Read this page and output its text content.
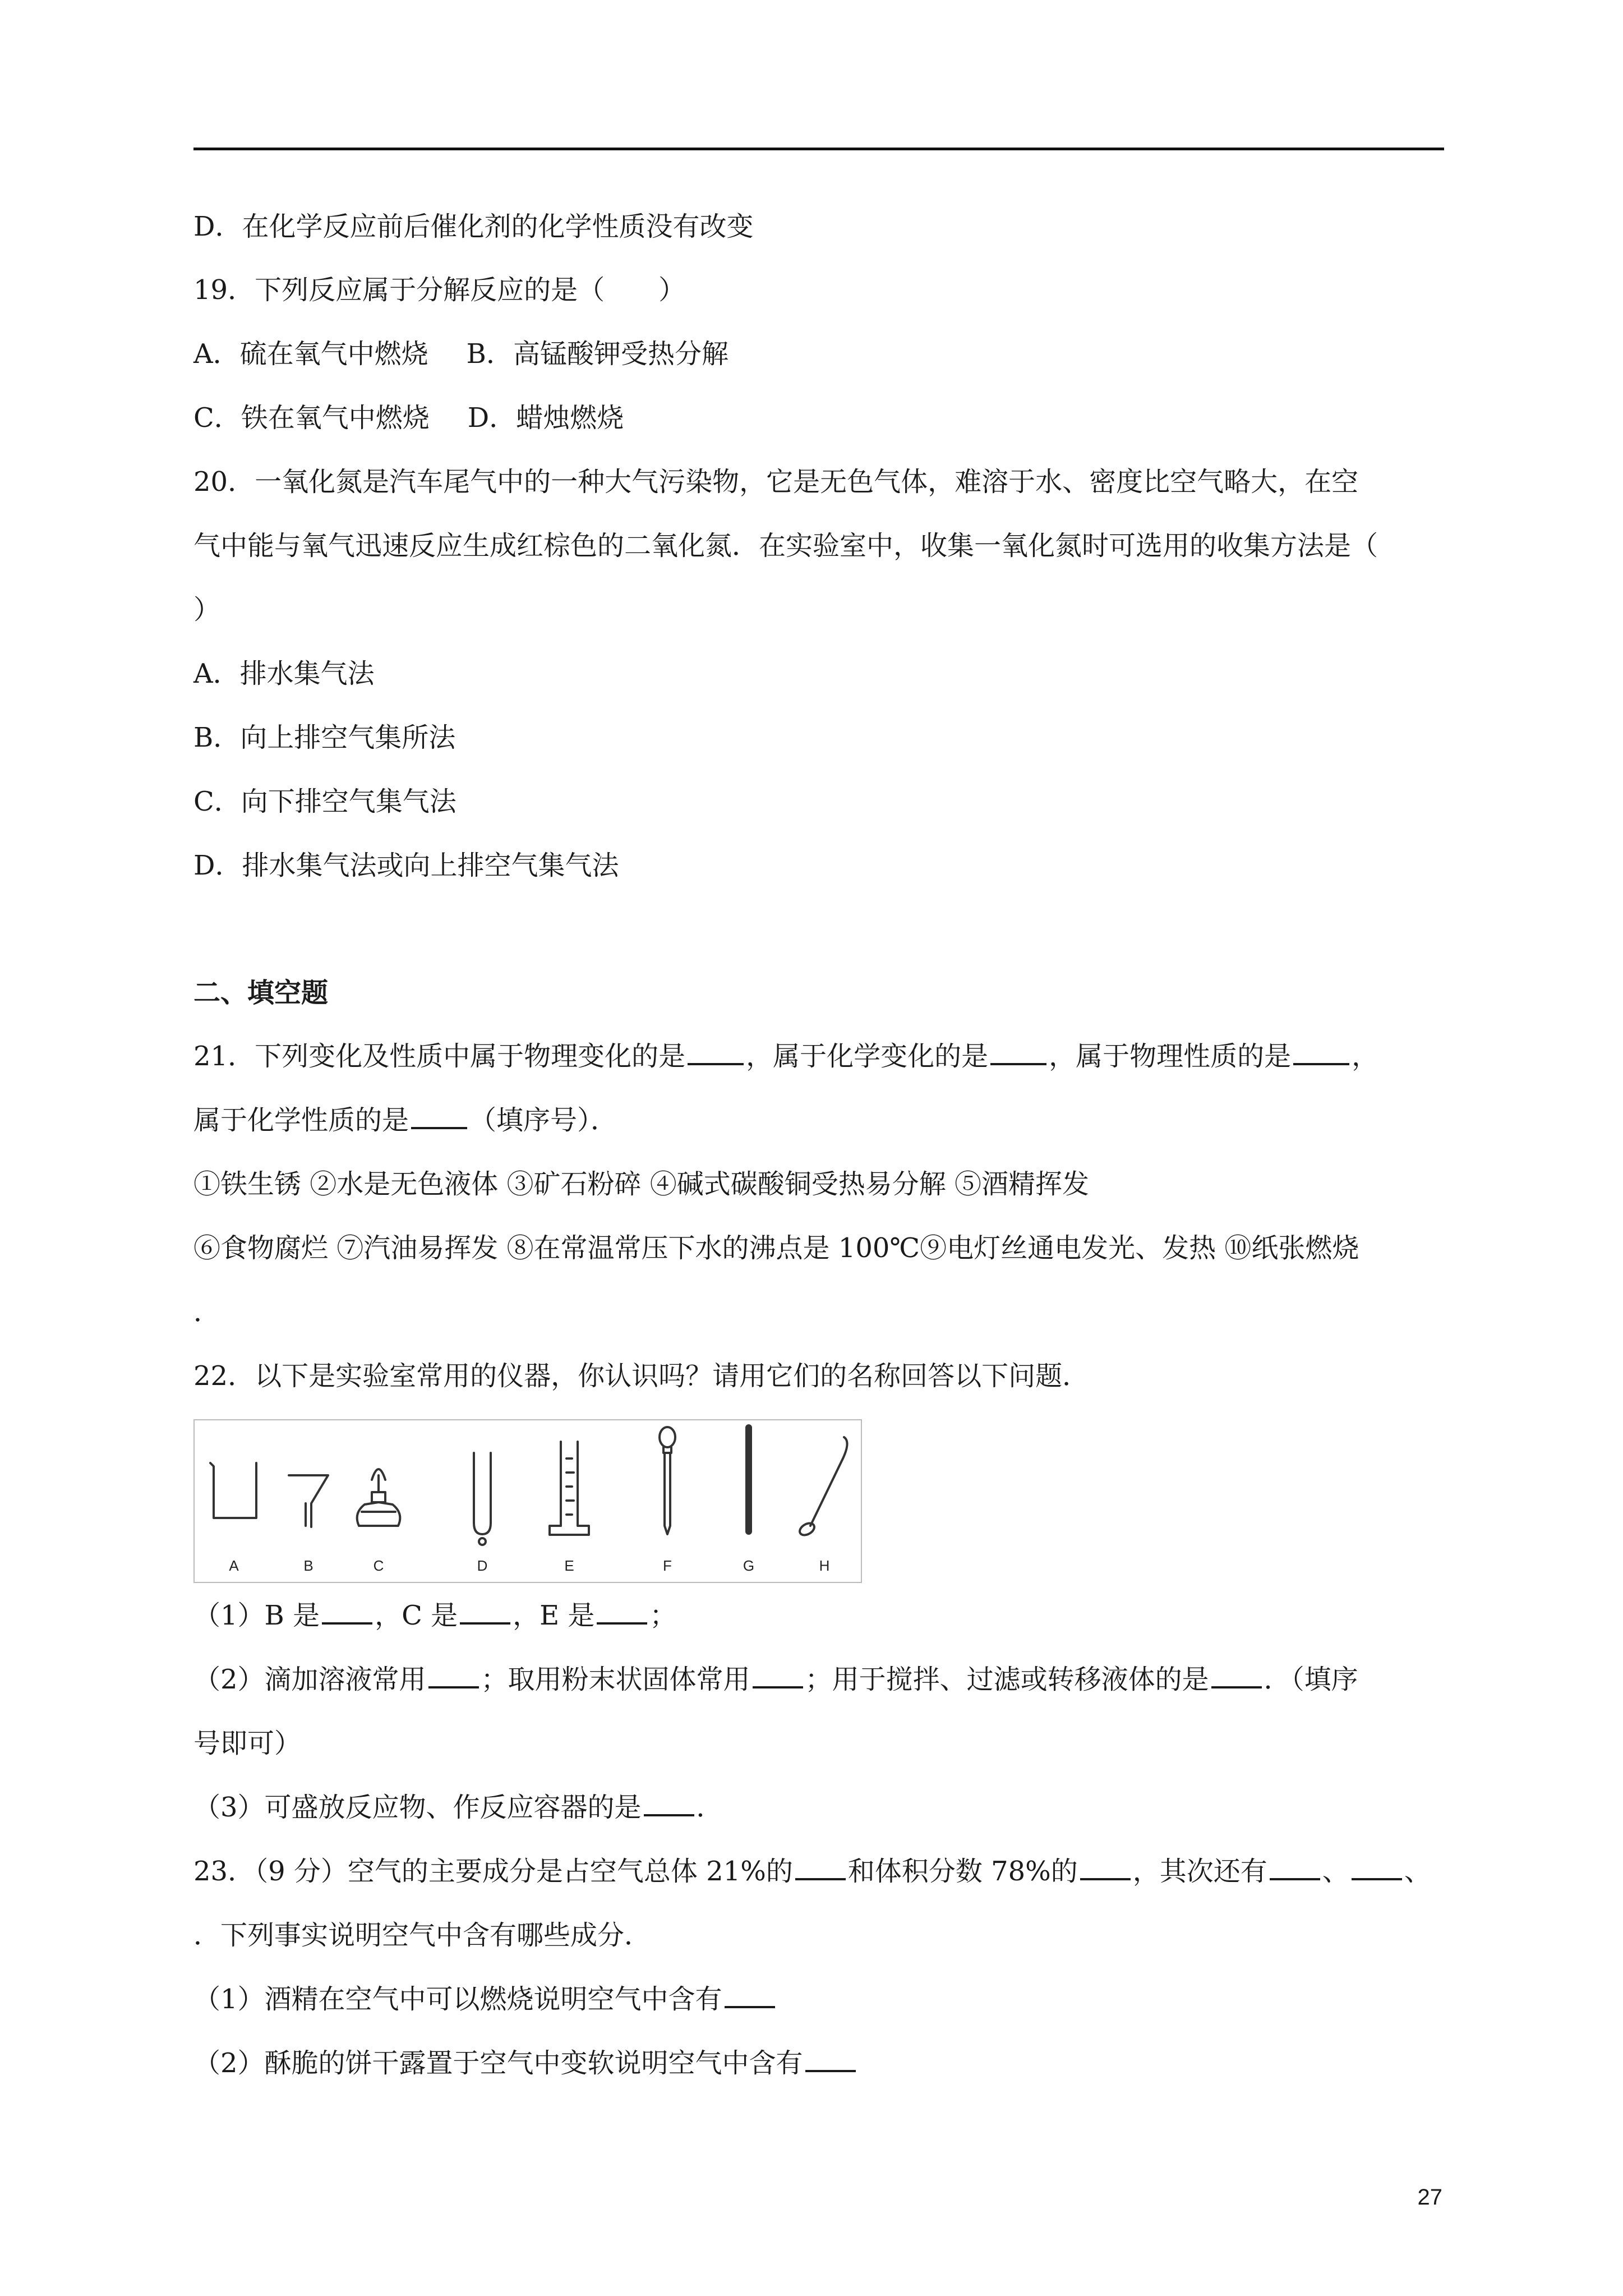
D．在化学反应前后催化剂的化学性质没有改变
19．下列反应属于分解反应的是（　　）
A．硫在氧气中燃烧 B．高锰酸钾受热分解
C．铁在氧气中燃烧 D．蜡烛燃烧
20．一氧化氮是汽车尾气中的一种大气污染物，它是无色气体，难溶于水、密度比空气略大，在空
气中能与氧气迅速反应生成红棕色的二氧化氮．在实验室中，收集一氧化氮时可选用的收集方法是（
）
A．排水集气法
B．向上排空气集所法
C．向下排空气集气法
D．排水集气法或向上排空气集气法
二、填空题
21．下列变化及性质中属于物理变化的是 ，属于化学变化的是 ，属于物理性质的是 ，
属于化学性质的是 （填序号）．
①铁生锈 ②水是无色液体 ③矿石粉碎 ④碱式碳酸铜受热易分解 ⑤酒精挥发
⑥食物腐烂 ⑦汽油易挥发 ⑧在常温常压下水的沸点是 100℃⑨电灯丝通电发光、发热 ⑩纸张燃烧
．
22．以下是实验室常用的仪器，你认识吗？请用它们的名称回答以下问题．
A	B	C	D	E	F	G	H
（1）B 是 ，C 是 ，E 是 ；
（2）滴加溶液常用 ；取用粉末状固体常用 ；用于搅拌、过滤或转移液体的是 ．（填序
号即可）
（3）可盛放反应物、作反应容器的是 ．
23．（9 分）空气的主要成分是占空气总体 21%的 和体积分数 78%的 ，其次还有 、 、
．下列事实说明空气中含有哪些成分．
（1）酒精在空气中可以燃烧说明空气中含有
（2）酥脆的饼干露置于空气中变软说明空气中含有
27
